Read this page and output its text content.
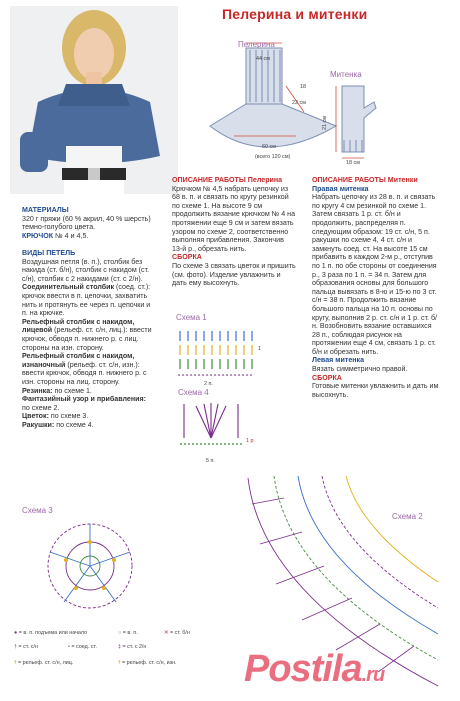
Пелерина и митенки
Пелерина
44 см
18
22 см
60 см
(всего 120 см)
Митенка
21 см
18 см

МАТЕРИАЛЫ

320 г пряжи (60 % акрил, 40 % шерсть) темно-голубого цвета.

КРЮЧОК № 4 и 4,5.

ВИДЫ ПЕТЕЛЬ

Воздушная петля (в. п.), столбик без накида (ст. б/н), столбик с накидом (ст. с/н), столбик с 2 накидами (ст. с 2/н).

Соединительный столбик (соед. ст.): крючок ввести в п. цепочки, захватить нить и протянуть ее через п. цепочки и п. на крючке.

Рельефный столбик с накидом, лицевой (рельеф. ст. с/н, лиц.): ввести крючок, обводя п. нижнего р. с лиц. стороны на изн. сторону.

Рельефный столбик с накидом, изнаночный (рельеф. ст. с/н, изн.): ввести крючок, обводя п. нижнего р. с изн. стороны на лиц. сторону.

Резинка: по схеме 1.

Фантазийный узор и прибавления: по схеме 2.

Цветок: по схеме 3.

Ракушки: по схеме 4.

ОПИСАНИЕ РАБОТЫ Пелерина

Крючком № 4,5 набрать цепочку из 68 в. п. и связать по кругу резинкой по схеме 1. На высоте 9 см продолжить вязание крючком № 4 на протяжении еще 9 см и затем вязать узором по схеме 2, соответственно выполняя прибавления. Закончив 13-й р., обрезать нить.

СБОРКА

По схеме 3 связать цветок и пришить (см. фото). Изделие увлажнить и дать ему высохнуть.

ОПИСАНИЕ РАБОТЫ Митенки

Правая митенка

Набрать цепочку из 28 в. п. и связать по кругу 4 см резинкой по схеме 1. Затем связать 1 р. ст. б/н и продолжить, распределяя п. следующим образом: 19 ст. с/н, 5 п. ракушки по схеме 4, 4 ст. с/н и замкнуть соед. ст. На высоте 15 см прибавить в каждом 2-м р., отступив по 1 п. по обе стороны от соединения р., 3 раза по 1 п. = 34 п. Затем для образования основы для большого пальца вывязать в 8-ю и 15-ю по 3 ст. с/н = 38 п. Продолжить вязание большого пальца на 10 п. основы по кругу, выполнив 2 р. ст. с/н и 1 р. ст. б/н. Возобновить вязание оставшихся 28 п., соблюдая рисунок на протяжении еще 4 см, связать 1 р. ст. б/н и обрезать нить.

Левая митенка

Вязать симметрично правой.

СБОРКА

Готовые митенки увлажнить и дать им высохнуть.

Схема 1
1
2 п.
Схема 4
1 р.
5 п.
Схема 3
● = в. п. подъема или начало	○ = в. п.	✕ = ст. б/н
† = ст. с/н	• = соед. ст.	‡ = ст. с 2/н
Ϯ = рельеф. ст. с/н, лиц.	Ϯ = рельеф. ст. с/н, изн.
Схема 2
Postila.ru
